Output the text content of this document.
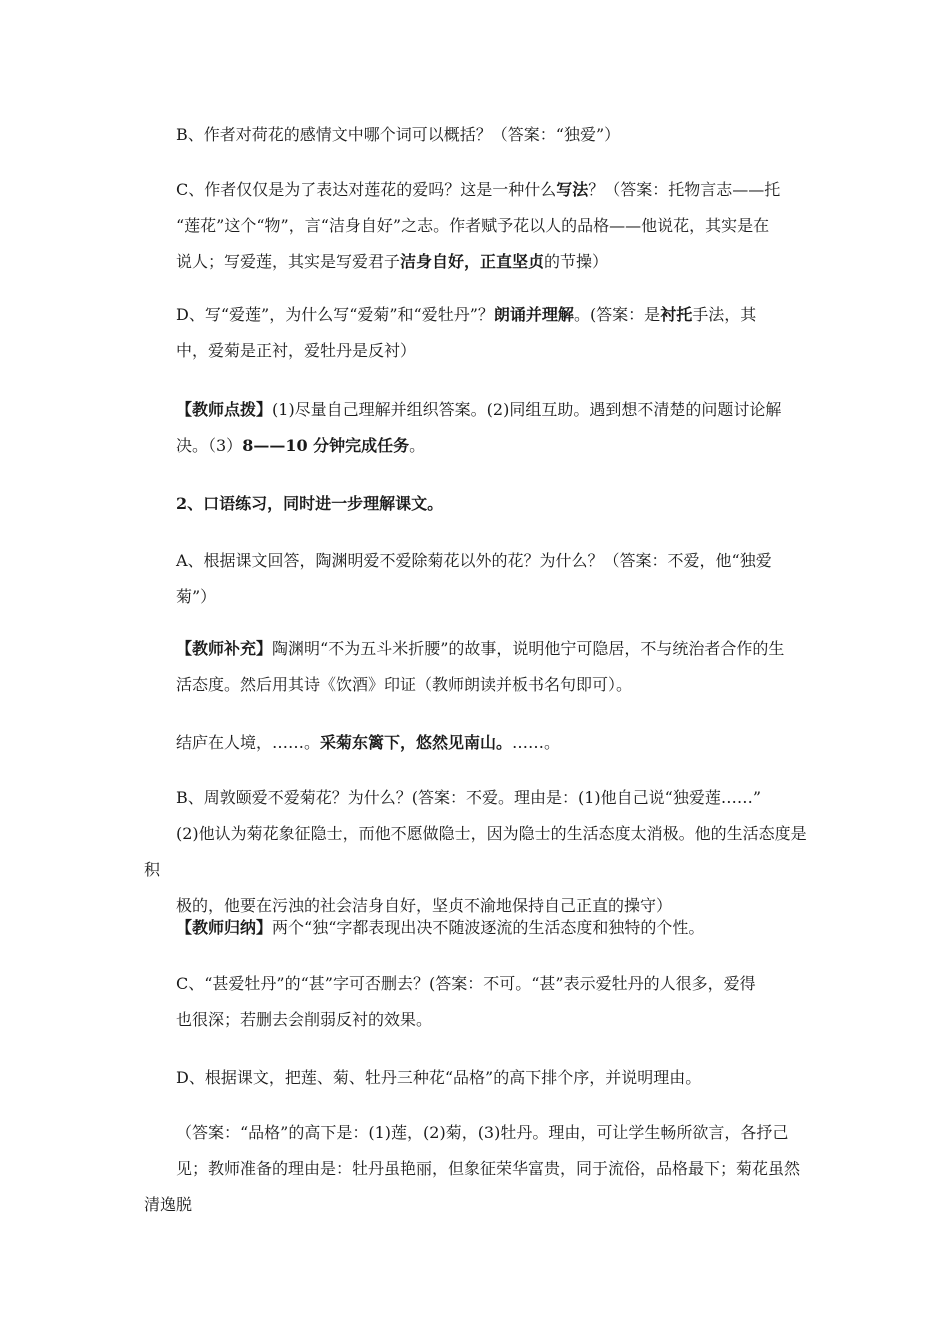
B、作者对荷花的感情文中哪个词可以概括？（答案：“独爱”）

C、作者仅仅是为了表达对莲花的爱吗？这是一种什么写法？（答案：托物言志——托
“莲花”这个“物”，言“洁身自好”之志。作者赋予花以人的品格——他说花，其实是在
说人；写爱莲，其实是写爱君子洁身自好，正直坚贞的节操）

D、写“爱莲”，为什么写“爱菊”和“爱牡丹”？朗诵并理解。(答案：是衬托手法，其
中，爱菊是正衬，爱牡丹是反衬）

【教师点拨】(1)尽量自己理解并组织答案。(2)同组互助。遇到想不清楚的问题讨论解
决。（3）8——10 分钟完成任务。

2、口语练习，同时进一步理解课文。

A、根据课文回答，陶渊明爱不爱除菊花以外的花？为什么？（答案：不爱，他“独爱
菊”）

【教师补充】陶渊明“不为五斗米折腰”的故事，说明他宁可隐居，不与统治者合作的生
活态度。然后用其诗《饮酒》印证（教师朗读并板书名句即可）。

结庐在人境，……。采菊东篱下，悠然见南山。……。

B、周敦颐爱不爱菊花？为什么？(答案：不爱。理由是：(1)他自己说“独爱莲……”
(2)他认为菊花象征隐士，而他不愿做隐士，因为隐士的生活态度太消极。他的生活态度是积
极的，他要在污浊的社会洁身自好，坚贞不渝地保持自己正直的操守）

【教师归纳】两个“独“字都表现出决不随波逐流的生活态度和独特的个性。

C、“甚爱牡丹”的“甚”字可否删去？(答案：不可。“甚”表示爱牡丹的人很多，爱得
也很深；若删去会削弱反衬的效果。

D、根据课文，把莲、菊、牡丹三种花“品格”的高下排个序，并说明理由。

（答案：“品格”的高下是：(1)莲，(2)菊，(3)牡丹。理由，可让学生畅所欲言，各抒己
见；教师准备的理由是：牡丹虽艳丽，但象征荣华富贵，同于流俗，品格最下；菊花虽然清逸脱
